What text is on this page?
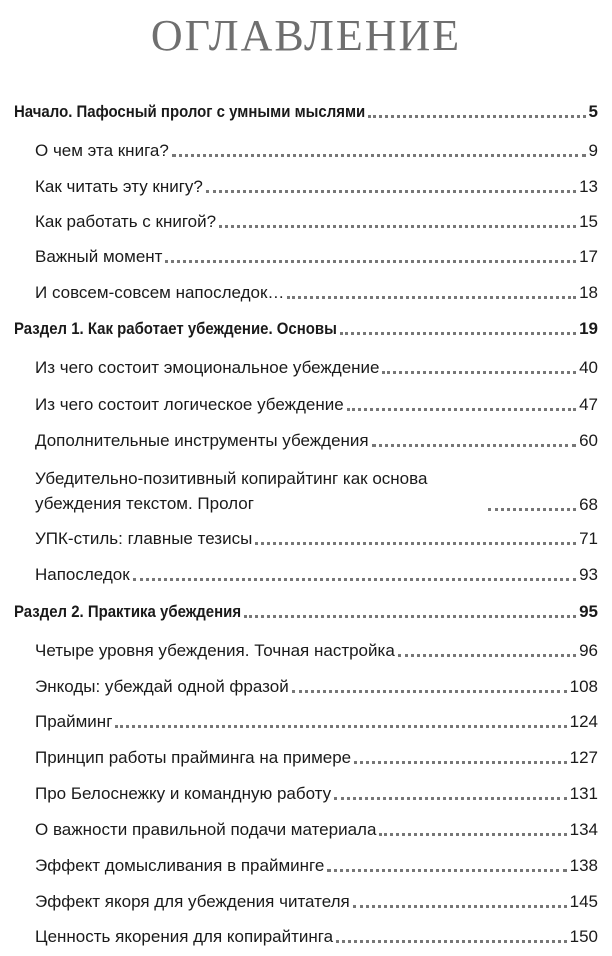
ОГЛАВЛЕНИЕ
Начало. Пафосный пролог с умными мыслями	5
О чем эта книга?	9
Как читать эту книгу?	13
Как работать с книгой?	15
Важный момент	17
И совсем-совсем напоследок…	18
Раздел 1. Как работает убеждение. Основы	19
Из чего состоит эмоциональное убеждение	40
Из чего состоит логическое убеждение	47
Дополнительные инструменты убеждения	60
Убедительно-позитивный копирайтинг как основа убеждения текстом. Пролог	68
УПК-стиль: главные тезисы	71
Напоследок	93
Раздел 2. Практика убеждения	95
Четыре уровня убеждения. Точная настройка	96
Энкоды: убеждай одной фразой	108
Прайминг	124
Принцип работы прайминга на примере	127
Про Белоснежку и командную работу	131
О важности правильной подачи материала	134
Эффект домысливания в прайминге	138
Эффект якоря для убеждения читателя	145
Ценность якорения для копирайтинга	150
